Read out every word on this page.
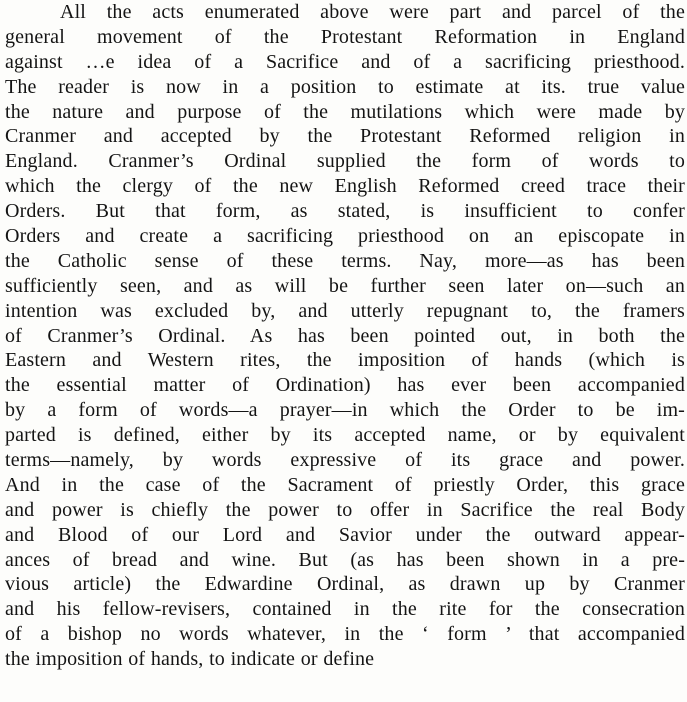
All the acts enumerated above were part and parcel of the
general movement of the Protestant Reformation in England
against …e idea of a Sacrifice and of a sacrificing priesthood.
The reader is now in a position to estimate at its. true value
the nature and purpose of the mutilations which were made by
Cranmer and accepted by the Protestant Reformed religion in
England. Cranmer’s Ordinal supplied the form of words to
which the clergy of the new English Reformed creed trace their
Orders. But that form, as stated, is insufficient to confer
Orders and create a sacrificing priesthood on an episcopate in
the Catholic sense of these terms. Nay, more—as has been
sufficiently seen, and as will be further seen later on—such an
intention was excluded by, and utterly repugnant to, the framers
of Cranmer’s Ordinal. As has been pointed out, in both the
Eastern and Western rites, the imposition of hands (which is
the essential matter of Ordination) has ever been accompanied
by a form of words—a prayer—in which the Order to be im-
parted is defined, either by its accepted name, or by equivalent
terms—namely, by words expressive of its grace and power.
And in the case of the Sacrament of priestly Order, this grace
and power is chiefly the power to offer in Sacrifice the real Body
and Blood of our Lord and Savior under the outward appear-
ances of bread and wine. But (as has been shown in a pre-
vious article) the Edwardine Ordinal, as drawn up by Cranmer
and his fellow-revisers, contained in the rite for the consecration
of a bishop no words whatever, in the ‘ form ’ that accompanied
the imposition of hands, to indicate or define
